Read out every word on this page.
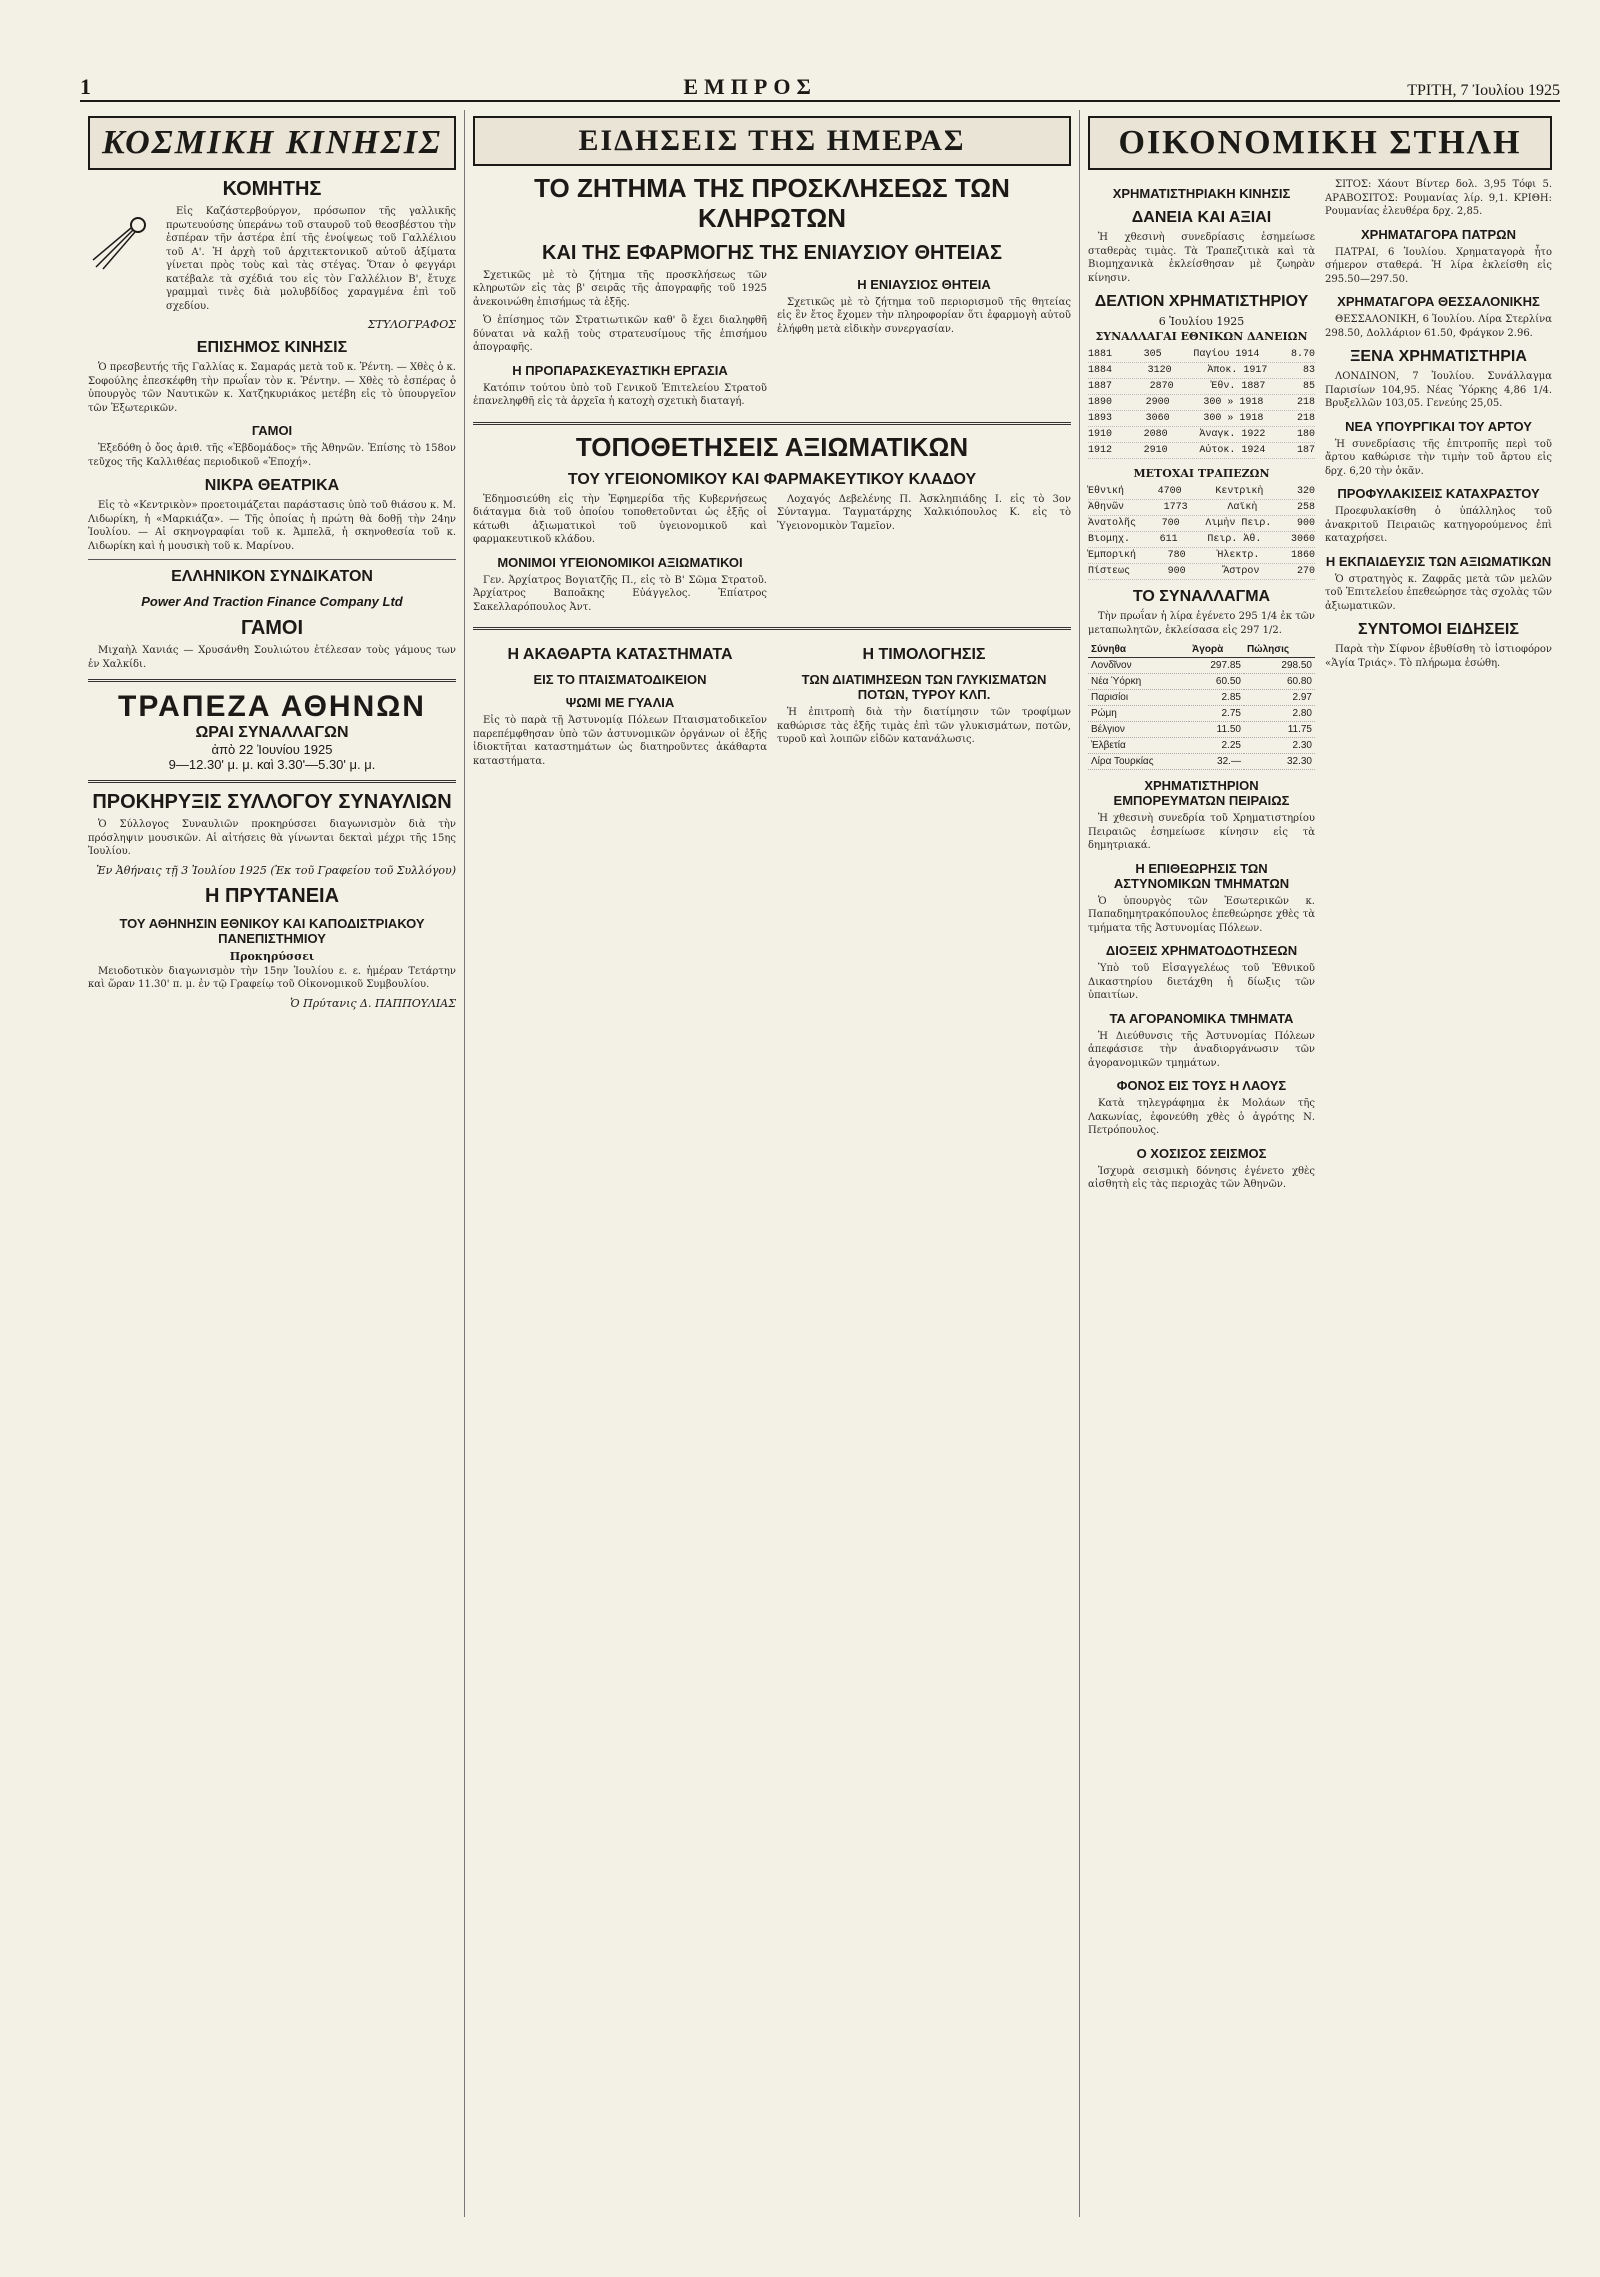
1	ΕΜΠΡΟΣ	ΤΡΙΤΗ, 7 Ἰουλίου 1925
ΚΟΣΜΙΚΗ ΚΙΝΗΣΙΣ
ΚΟΜΗΤΗΣ

Εἰς Καζάστερβούργον, πρόσωπον τῆς γαλλικῆς πρωτευούσης ὑπεράνω τοῦ σταυροῦ τοῦ θεοσβέστου τὴν ἑσπέραν τῆν ἀστέρα ἐπί τῆς ἐνοίψεως τοῦ Γαλλέλιου τοῦ Α'. Ἡ ἀρχὴ τοῦ ἀρχιτεκτονικοῦ αὐτοῦ ἀξίματα γίνεται πρὸς τοὺς καὶ τὰς στέγας. Ὅταν ὁ φεγγάρι κατέβαλε τὰ σχέδιά του εἰς τὸν Γαλλέλιον Β', ἔτυχε γραμμαὶ τινὲς διὰ μολυβδίδος χαραγμένα ἐπὶ τοῦ σχεδίου.

ΣΤΥΛΟΓΡΑΦΟΣ
ΕΠΙΣΗΜΟΣ ΚΙΝΗΣΙΣ

Ὁ πρεσβευτής τῆς Γαλλίας κ. Σαμαράς μετὰ τοῦ κ. Ῥέντη. — Χθὲς ὁ κ. Σοφούλης ἐπεσκέφθη τὴν πρωΐαν τὸν κ. Ῥέντην. — Χθὲς τὸ ἑσπέρας ὁ ὑπουργὸς τῶν Ναυτικῶν κ. Χατζηκυριάκος μετέβη εἰς τὸ ὑπουργεῖον τῶν Ἐξωτερικῶν.

ΓΑΜΟΙ

Ἐξεδόθη ὁ ὄος ἀριθ. τῆς «Ἑβδομάδος» τῆς Ἀθηνῶν. Ἐπίσης τὸ 158ον τεῦχος τῆς Καλλιθέας περιοδικοῦ «Ἐποχή».

ΝΙΚΡΑ ΘΕΑΤΡΙΚΑ

Εἰς τὸ «Κεντρικὸν» προετοιμάζεται παράστασις ὑπὸ τοῦ θιάσου κ. Μ. Λιδωρίκη, ἡ «Μαρκιάζα». — Τῆς ὁποίας ἡ πρώτη θὰ δοθῇ τὴν 24ην Ἰουλίου. — Αἱ σκηνογραφίαι τοῦ κ. Ἀμπελᾶ, ἡ σκηνοθεσία τοῦ κ. Λιδωρίκη καὶ ἡ μουσικὴ τοῦ κ. Μαρίνου.

ΕΛΛΗΝΙΚΟΝ ΣΥΝΔΙΚΑΤΟΝ
Power And Traction Finance Company Ltd
ΓΑΜΟΙ

Μιχαὴλ Χανιάς — Χρυσάνθη Σουλιώτου ἐτέλεσαν τοὺς γάμους των ἐν Χαλκίδι.

ΤΡΑΠΕΖΑ ΑΘΗΝΩΝ
ΩΡΑΙ ΣΥΝΑΛΛΑΓΩΝ
ἀπὸ 22 Ἰουνίου 1925
9—12.30' μ. μ. καὶ 3.30'—5.30' μ. μ.
ΠΡΟΚΗΡΥΞΙΣ ΣΥΛΛΟΓΟΥ ΣΥΝΑΥΛΙΩΝ

Ὁ Σύλλογος Συναυλιῶν προκηρύσσει διαγωνισμὸν διὰ τὴν πρόσληψιν μουσικῶν. Αἱ αἰτήσεις θὰ γίνωνται δεκταὶ μέχρι τῆς 15ης Ἰουλίου.

Ἐν Ἀθήναις τῇ 3 Ἰουλίου 1925 (Ἐκ τοῦ Γραφείου τοῦ Συλλόγου)
Η ΠΡΥΤΑΝΕΙΑ
ΤΟΥ ΑΘΗΝΗΣΙΝ ΕΘΝΙΚΟΥ ΚΑΙ ΚΑΠΟΔΙΣΤΡΙΑΚΟΥ ΠΑΝΕΠΙΣΤΗΜΙΟΥ
Προκηρύσσει

Μειοδοτικὸν διαγωνισμὸν τὴν 15ην Ἰουλίου ε. ε. ἡμέραν Τετάρτην καὶ ὥραν 11.30' π. μ. ἐν τῷ Γραφείῳ τοῦ Οἰκονομικοῦ Συμβουλίου.

Ὁ Πρύτανις Δ. ΠΑΠΠΟΥΛΙΑΣ
ΕΙΔΗΣΕΙΣ ΤΗΣ ΗΜΕΡΑΣ
ΤΟ ΖΗΤΗΜΑ ΤΗΣ ΠΡΟΣΚΛΗΣΕΩΣ ΤΩΝ ΚΛΗΡΩΤΩΝ
ΚΑΙ ΤΗΣ ΕΦΑΡΜΟΓΗΣ ΤΗΣ ΕΝΙΑΥΣΙΟΥ ΘΗΤΕΙΑΣ

Σχετικῶς μὲ τὸ ζήτημα τῆς προσκλήσεως τῶν κληρωτῶν εἰς τὰς β' σειρᾶς τῆς ἀπογραφῆς τοῦ 1925 ἀνεκοινώθη ἐπισήμως τὰ ἑξῆς.

Ὁ ἐπίσημος τῶν Στρατιωτικῶν καθ' ὃ ἔχει διαληφθῆ δύναται νὰ καλῇ τοὺς στρατευσίμους τῆς ἐπισήμου ἀπογραφῆς.

Η ΠΡΟΠΑΡΑΣΚΕΥΑΣΤΙΚΗ ΕΡΓΑΣΙΑ

Κατόπιν τούτου ὑπὸ τοῦ Γενικοῦ Ἐπιτελείου Στρατοῦ ἐπανεληφθῆ εἰς τὰ ἀρχεῖα ἡ κατοχὴ σχετικὴ διαταγή.

Η ΕΝΙΑΥΣΙΟΣ ΘΗΤΕΙΑ

Σχετικῶς μὲ τὸ ζήτημα τοῦ περιορισμοῦ τῆς θητείας εἰς ἓν ἔτος ἔχομεν τὴν πληροφορίαν ὅτι ἐφαρμογὴ αὐτοῦ ἐλήφθη μετὰ εἰδικὴν συνεργασίαν.

ΤΟΠΟΘΕΤΗΣΕΙΣ ΑΞΙΩΜΑΤΙΚΩΝ
ΤΟΥ ΥΓΕΙΟΝΟΜΙΚΟΥ ΚΑΙ ΦΑΡΜΑΚΕΥΤΙΚΟΥ ΚΛΑΔΟΥ

Ἐδημοσιεύθη εἰς τὴν Ἐφημερίδα τῆς Κυβερνήσεως διάταγμα διὰ τοῦ ὁποίου τοποθετοῦνται ὡς ἑξῆς οἱ κάτωθι ἀξιωματικοὶ τοῦ ὑγειονομικοῦ καὶ φαρμακευτικοῦ κλάδου.

ΜΟΝΙΜΟΙ ΥΓΕΙΟΝΟΜΙΚΟΙ ΑΞΙΩΜΑΤΙΚΟΙ

Γεν. Ἀρχίατρος Βογιατζῆς Π., εἰς τὸ Β' Σῶμα Στρατοῦ. Ἀρχίατρος Βαποᾶκης Εὐάγγελος. Ἐπίατρος Σακελλαρόπουλος Ἀντ.

Λοχαγός Δεβελένης Π. Ἀσκληπιάδης Ι. εἰς τὸ 3ον Σύνταγμα. Ταγματάρχης Χαλκιόπουλος Κ. εἰς τὸ Ὑγειονομικὸν Ταμεῖον.

Η ΑΚΑΘΑΡΤΑ ΚΑΤΑΣΤΗΜΑΤΑ
ΕΙΣ ΤΟ ΠΤΑΙΣΜΑΤΟΔΙΚΕΙΟΝ
ΨΩΜΙ ΜΕ ΓΥΑΛΙΑ

Εἰς τὸ παρὰ τῇ Ἀστυνομίᾳ Πόλεων Πταισματοδικεῖον παρεπέμφθησαν ὑπὸ τῶν ἀστυνομικῶν ὀργάνων οἱ ἑξῆς ἰδιοκτῆται καταστημάτων ὡς διατηροῦντες ἀκάθαρτα καταστήματα.

Η ΤΙΜΟΛΟΓΗΣΙΣ
ΤΩΝ ΔΙΑΤΙΜΗΣΕΩΝ ΤΩΝ ΓΛΥΚΙΣΜΑΤΩΝ ΠΟΤΩΝ, ΤΥΡΟΥ ΚΛΠ.

Ἡ ἐπιτροπὴ διὰ τὴν διατίμησιν τῶν τροφίμων καθώρισε τὰς ἑξῆς τιμὰς ἐπὶ τῶν γλυκισμάτων, ποτῶν, τυροῦ καὶ λοιπῶν εἰδῶν κατανάλωσις.

ΟΙΚΟΝΟΜΙΚΗ ΣΤΗΛΗ
ΧΡΗΜΑΤΙΣΤΗΡΙΑΚΗ ΚΙΝΗΣΙΣ
ΔΑΝΕΙΑ ΚΑΙ ΑΞΙΑΙ

Ἡ χθεσινὴ συνεδρίασις ἐσημείωσε σταθερὰς τιμὰς. Τὰ Τραπεζιτικὰ καὶ τὰ Βιομηχανικὰ ἐκλείσθησαν μὲ ζωηρὰν κίνησιν.

ΔΕΛΤΙΟΝ ΧΡΗΜΑΤΙΣΤΗΡΙΟΥ
6 Ἰουλίου 1925
ΣΥΝΑΛΛΑΓΑΙ ΕΘΝΙΚΩΝ ΔΑΝΕΙΩΝ
1881	305	Παγίου 1914	8.70
1884	3120	Ἀποκ. 1917	83
1887	2870	Ἐθν. 1887	85
1890	2900	300 » 1918	218
1893	3060	300 » 1918	218
1910	2080	Ἀναγκ. 1922	180
1912	2910	Αὐτοκ. 1924	187
ΜΕΤΟΧΑΙ ΤΡΑΠΕΖΩΝ
Ἐθνική	4700	Κεντρικὴ	320
Ἀθηνῶν	1773	Λαϊκὴ	258
Ἀνατολῆς	700	Λιμὴν Πειρ.	900
Βιομηχ.	611	Πειρ. Ἀθ.	3060
Ἐμπορική	780	Ἠλεκτρ.	1860
Πίστεως	900	Ἄστρον	270
ΤΟ ΣΥΝΑΛΛΑΓΜΑ

Τὴν πρωΐαν ἡ λίρα ἐγένετο 295 1/4 ἐκ τῶν μεταπωλητῶν, ἐκλείσασα εἰς 297 1/2.

Σύνηθα	Ἀγορὰ	Πώλησις
Λονδῖνον	297.85	298.50
Νέα Ὑόρκη	60.50	60.80
Παρισίοι	2.85	2.97
Ρώμη	2.75	2.80
Βέλγιον	11.50	11.75
Ἑλβετία	2.25	2.30
Λίρα Τουρκίας	32.—	32.30
ΧΡΗΜΑΤΙΣΤΗΡΙΟΝ ΕΜΠΟΡΕΥΜΑΤΩΝ ΠΕΙΡΑΙΩΣ

Ἡ χθεσινὴ συνεδρία τοῦ Χρηματιστηρίου Πειραιῶς ἐσημείωσε κίνησιν εἰς τὰ δημητριακά.

Η ΕΠΙΘΕΩΡΗΣΙΣ ΤΩΝ ΑΣΤΥΝΟΜΙΚΩΝ ΤΜΗΜΑΤΩΝ

Ὁ ὑπουργὸς τῶν Ἐσωτερικῶν κ. Παπαδημητρακόπουλος ἐπεθεώρησε χθὲς τὰ τμήματα τῆς Ἀστυνομίας Πόλεων.

ΔΙΟΞΕΙΣ ΧΡΗΜΑΤΟΔΟΤΗΣΕΩΝ

Ὑπὸ τοῦ Εἰσαγγελέως τοῦ Ἐθνικοῦ Δικαστηρίου διετάχθη ἡ δίωξις τῶν ὑπαιτίων.

ΤΑ ΑΓΟΡΑΝΟΜΙΚΑ ΤΜΗΜΑΤΑ

Ἡ Διεύθυνσις τῆς Ἀστυνομίας Πόλεων ἀπεφάσισε τὴν ἀναδιοργάνωσιν τῶν ἀγορανομικῶν τμημάτων.

ΦΟΝΟΣ ΕΙΣ ΤΟΥΣ Η ΛΑΟΥΣ

Κατὰ τηλεγράφημα ἐκ Μολάων τῆς Λακωνίας, ἐφονεύθη χθὲς ὁ ἀγρότης Ν. Πετρόπουλος.

Ο ΧΟΣΙΣΟΣ ΣΕΙΣΜΟΣ

Ἰσχυρὰ σεισμικὴ δόνησις ἐγένετο χθὲς αἰσθητὴ εἰς τὰς περιοχὰς τῶν Ἀθηνῶν.

ΣΙΤΟΣ: Χάουτ Βίντερ δολ. 3,95 Τόφι 5. ΑΡΑΒΟΣΙΤΟΣ: Ρουμανίας λίρ. 9,1. ΚΡΙΘΗ: Ρουμανίας ἐλευθέρα δρχ. 2,85.

ΧΡΗΜΑΤΑΓΟΡΑ ΠΑΤΡΩΝ

ΠΑΤΡΑΙ, 6 Ἰουλίου. Χρηματαγορὰ ἦτο σήμερον σταθερά. Ἡ λίρα ἐκλείσθη εἰς 295.50—297.50.

ΧΡΗΜΑΤΑΓΟΡΑ ΘΕΣΣΑΛΟΝΙΚΗΣ

ΘΕΣΣΑΛΟΝΙΚΗ, 6 Ἰουλίου. Λίρα Στερλίνα 298.50, Δολλάριον 61.50, Φράγκον 2.96.

ΞΕΝΑ ΧΡΗΜΑΤΙΣΤΗΡΙΑ

ΛΟΝΔΙΝΟΝ, 7 Ἰουλίου. Συνάλλαγμα Παρισίων 104,95. Νέας Ὑόρκης 4,86 1/4. Βρυξελλῶν 103,05. Γενεύης 25,05.

ΝΕΑ ΥΠΟΥΡΓΙΚΑΙ ΤΟΥ ΑΡΤΟΥ

Ἡ συνεδρίασις τῆς ἐπιτροπῆς περὶ τοῦ ἄρτου καθώρισε τὴν τιμὴν τοῦ ἄρτου εἰς δρχ. 6,20 τὴν ὀκᾶν.

ΠΡΟΦΥΛΑΚΙΣΕΙΣ ΚΑΤΑΧΡΑΣΤΟΥ

Προεφυλακίσθη ὁ ὑπάλληλος τοῦ ἀνακριτοῦ Πειραιῶς κατηγορούμενος ἐπὶ καταχρήσει.

Η ΕΚΠΑΙΔΕΥΣΙΣ ΤΩΝ ΑΞΙΩΜΑΤΙΚΩΝ

Ὁ στρατηγὸς κ. Ζαφρᾶς μετὰ τῶν μελῶν τοῦ Ἐπιτελείου ἐπεθεώρησε τὰς σχολὰς τῶν ἀξιωματικῶν.

ΣΥΝΤΟΜΟΙ ΕΙΔΗΣΕΙΣ

Παρὰ τὴν Σίφνον ἐβυθίσθη τὸ ἱστιοφόρον «Ἁγία Τριάς». Τὸ πλήρωμα ἐσώθη.
